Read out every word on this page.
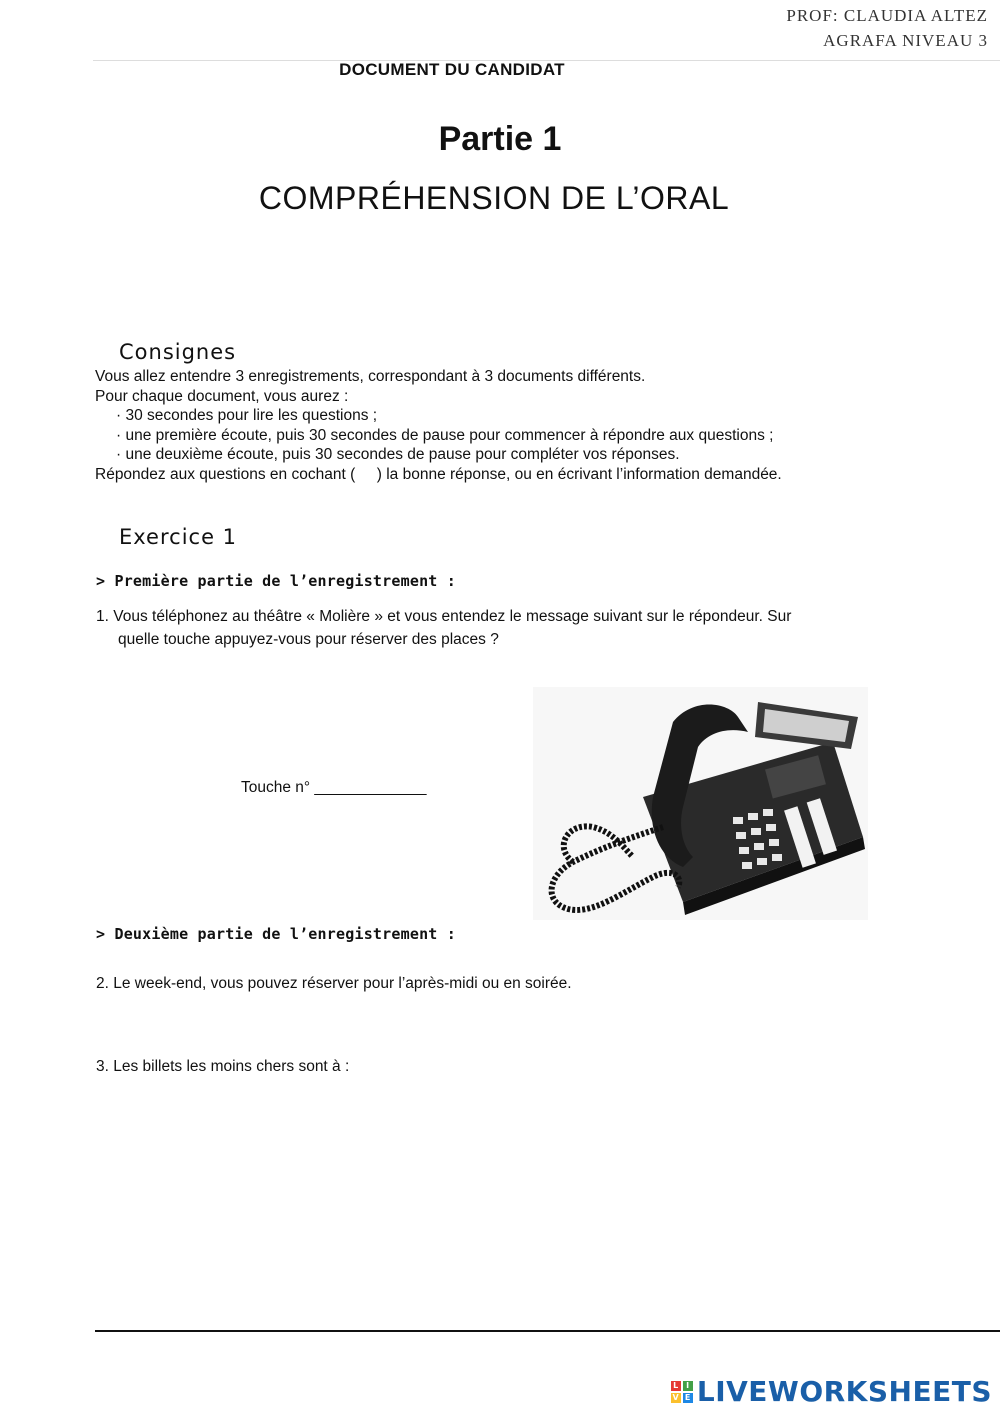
PROF: CLAUDIA ALTEZ
AGRAFA NIVEAU 3
DOCUMENT DU CANDIDAT
Partie 1
COMPRÉHENSION DE L’ORAL
Consignes
Vous allez entendre 3 enregistrements, correspondant à 3 documents différents.
Pour chaque document, vous aurez :
· 30 secondes pour lire les questions ;
· une première écoute, puis 30 secondes de pause pour commencer à répondre aux questions ;
· une deuxième écoute, puis 30 secondes de pause pour compléter vos réponses.
Répondez aux questions en cochant (     ) la bonne réponse, ou en écrivant l’information demandée.
Exercice 1
> Première partie de l’enregistrement :
1. Vous téléphonez au théâtre « Molière » et vous entendez le message suivant sur le répondeur. Sur
quelle touche appuyez-vous pour réserver des places ?
Touche n° _____________
> Deuxième partie de l’enregistrement :
2. Le week-end, vous pouvez réserver pour l’après-midi ou en soirée.
3. Les billets les moins chers sont à :
L I
V E LIVEWORKSHEETS
